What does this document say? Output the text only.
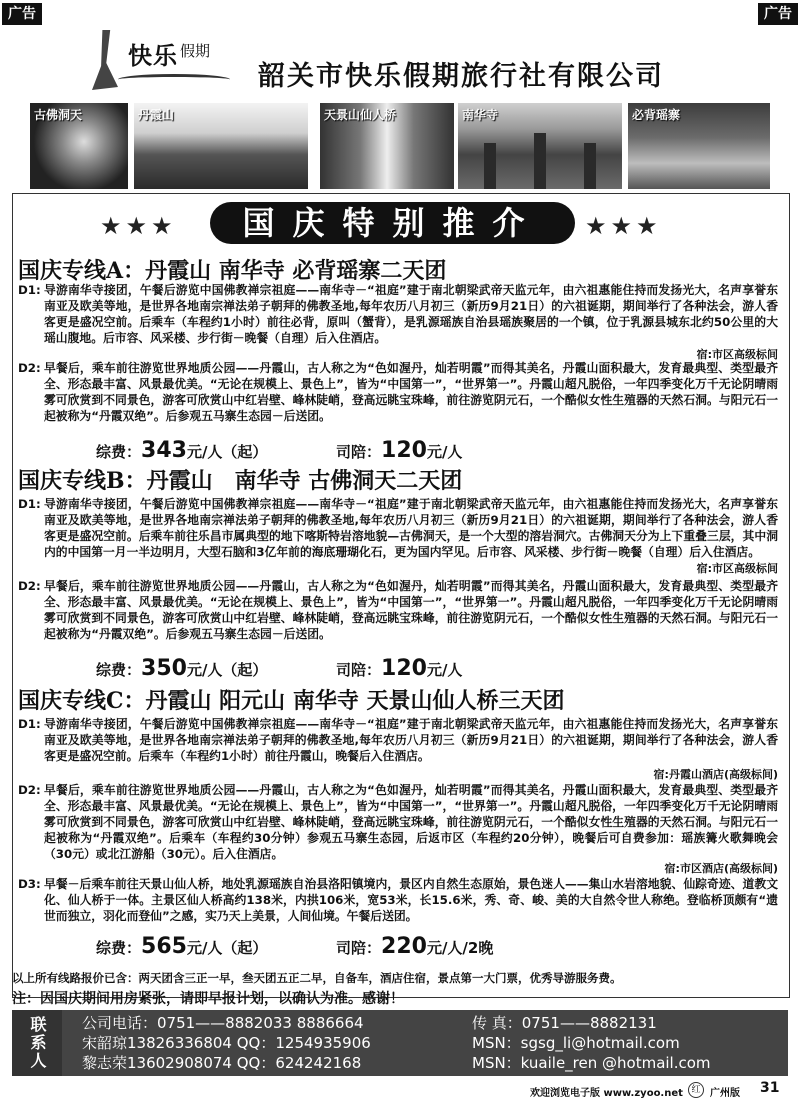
广告	广告
快乐 假期
韶关市快乐假期旅行社有限公司
古佛洞天	丹霞山	天景山仙人桥	南华寺	必背瑶寨
★★★	国庆特别推介	★★★
国庆专线A：丹霞山 南华寺 必背瑶寨二天团
D1: 导游南华寺接团，午餐后游览中国佛教禅宗祖庭——南华寺－“祖庭”建于南北朝梁武帝天监元年，由六祖惠能住持而发扬光大，名声享誉东南亚及欧美等地，是世界各地南宗禅法弟子朝拜的佛教圣地,每年农历八月初三（新历9月21日）的六祖诞期，期间举行了各种法会，游人香客更是盛况空前。后乘车（车程约1小时）前往必背，原叫（蟹背），是乳源瑶族自治县瑶族聚居的一个镇，位于乳源县城东北约50公里的大瑶山腹地。后市容、风采楼、步行街－晚餐（自理）后入住酒店。
宿:市区高级标间
D2: 早餐后，乘车前往游览世界地质公园——丹霞山，古人称之为“色如渥丹，灿若明霞”而得其美名，丹霞山面积最大，发育最典型、类型最齐全、形态最丰富、风景最优美。“无论在规模上、景色上”，皆为“中国第一”，“世界第一”。丹霞山超凡脱俗，一年四季变化万千无论阴晴雨雾可欣赏到不同景色，游客可欣赏山中红岩壁、峰林陡峭，登高远眺宝珠峰，前往游览阴元石，一个酷似女性生殖器的天然石洞。与阳元石一起被称为“丹霞双绝”。后参观五马寨生态园－后送团。
综费：343元/人（起）	司陪：120元/人
国庆专线B：丹霞山　南华寺 古佛洞天二天团
D1: 导游南华寺接团，午餐后游览中国佛教禅宗祖庭——南华寺－“祖庭”建于南北朝梁武帝天监元年，由六祖惠能住持而发扬光大，名声享誉东南亚及欧美等地，是世界各地南宗禅法弟子朝拜的佛教圣地,每年农历八月初三（新历9月21日）的六祖诞期，期间举行了各种法会，游人香客更是盛况空前。后乘车前往乐昌市属典型的地下喀斯特岩溶地貌—古佛洞天，是一个大型的溶岩洞穴。古佛洞天分为上下重叠三层，其中洞内的中国第一月一半边明月，大型石脑和3亿年前的海底珊瑚化石，更为国内罕见。后市容、风采楼、步行街－晚餐（自理）后入住酒店。
宿:市区高级标间
D2: 早餐后，乘车前往游览世界地质公园——丹霞山，古人称之为“色如渥丹，灿若明霞”而得其美名，丹霞山面积最大，发育最典型、类型最齐全、形态最丰富、风景最优美。“无论在规模上、景色上”，皆为“中国第一”，“世界第一”。丹霞山超凡脱俗，一年四季变化万千无论阴晴雨雾可欣赏到不同景色，游客可欣赏山中红岩壁、峰林陡峭，登高远眺宝珠峰，前往游览阴元石，一个酷似女性生殖器的天然石洞。与阳元石一起被称为“丹霞双绝”。后参观五马寨生态园－后送团。
综费：350元/人（起）	司陪：120元/人
国庆专线C：丹霞山 阳元山 南华寺 天景山仙人桥三天团
D1: 导游南华寺接团，午餐后游览中国佛教禅宗祖庭——南华寺－“祖庭”建于南北朝梁武帝天监元年，由六祖惠能住持而发扬光大，名声享誉东南亚及欧美等地，是世界各地南宗禅法弟子朝拜的佛教圣地,每年农历八月初三（新历9月21日）的六祖诞期，期间举行了各种法会，游人香客更是盛况空前。后乘车（车程约1小时）前往丹霞山，晚餐后入住酒店。
宿:丹霞山酒店(高级标间)
D2: 早餐后，乘车前往游览世界地质公园——丹霞山，古人称之为“色如渥丹，灿若明霞”而得其美名，丹霞山面积最大，发育最典型、类型最齐全、形态最丰富、风景最优美。“无论在规模上、景色上”，皆为“中国第一”，“世界第一”。丹霞山超凡脱俗，一年四季变化万千无论阴晴雨雾可欣赏到不同景色，游客可欣赏山中红岩壁、峰林陡峭，登高远眺宝珠峰，前往游览阴元石，一个酷似女性生殖器的天然石洞。与阳元石一起被称为“丹霞双绝”。后乘车（车程约30分钟）参观五马寨生态园，后返市区（车程约20分钟），晚餐后可自费参加：瑶族篝火歌舞晚会（30元）或北江游船（30元）。后入住酒店。
宿:市区酒店(高级标间)
D3: 早餐－后乘车前往天景山仙人桥，地处乳源瑶族自治县洛阳镇境内，景区内自然生态原始，景色迷人——集山水岩溶地貌、仙踪奇迹、道教文化、仙人桥于一体。主景区仙人桥高约138米，内拱106米，宽53米，长15.6米，秀、奇、峻、美的大自然令世人称绝。登临桥顶颇有“遗世而独立，羽化而登仙”之感，实乃天上美景，人间仙境。午餐后送团。
综费：565元/人（起）	司陪：220元/人/2晚
以上所有线路报价已含：两天团含三正一早，叁天团五正二早，自备车，酒店住宿，景点第一大门票，优秀导游服务费。
注：因国庆期间用房紧张，请即早报计划，以确认为准。感谢！
联系人	公司电话：0751——8882033 8886664	传 真：0751——8882131
宋韶琼13826336804 QQ：1254935906	MSN：sgsg_li@hotmail.com
黎志荣13602908074 QQ：624242168	MSN：kuaile_ren @hotmail.com
欢迎浏览电子版 www.zyoo.net 红 广州版 31
